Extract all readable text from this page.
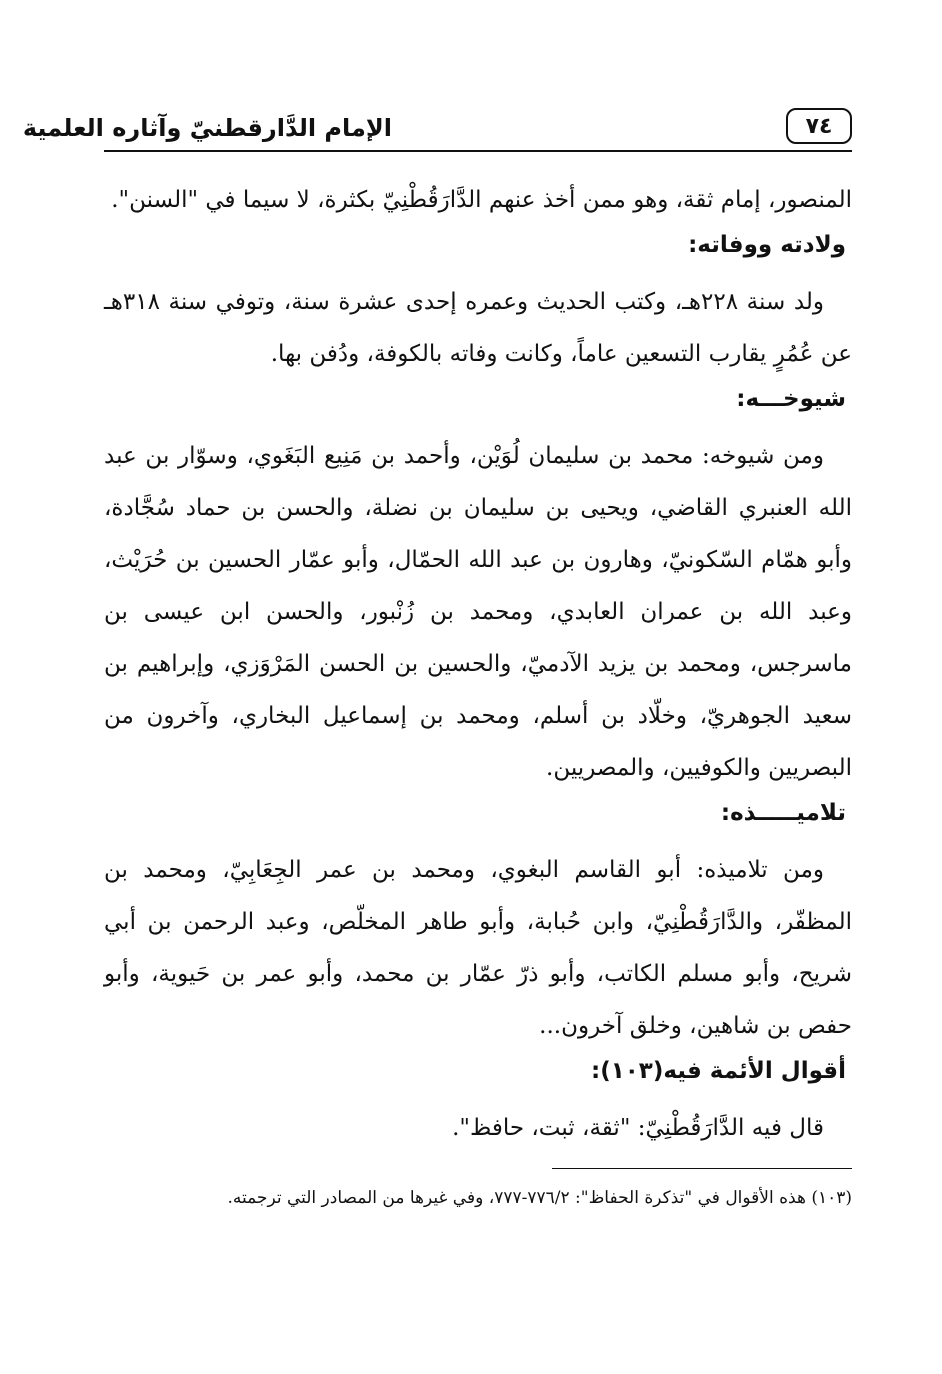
٧٤
الإمام الدَّارقطنيّ وآثاره العلمية

المنصور، إمام ثقة، وهو ممن أخذ عنهم الدَّارَقُطْنِيّ بكثرة، لا سيما في "السنن".

ولادته ووفاته:

ولد سنة ٢٢٨هـ، وكتب الحديث وعمره إحدى عشرة سنة، وتوفي سنة ٣١٨هـ عن عُمُرٍ يقارب التسعين عاماً، وكانت وفاته بالكوفة، ودُفن بها.

شيوخـــه:

ومن شيوخه: محمد بن سليمان لُوَيْن، وأحمد بن مَنِيع البَغَوي، وسوّار بن عبد الله العنبري القاضي، ويحيى بن سليمان بن نضلة، والحسن بن حماد سُجَّادة، وأبو همّام السّكونيّ، وهارون بن عبد الله الحمّال، وأبو عمّار الحسين بن حُرَيْث، وعبد الله بن عمران العابدي، ومحمد بن زُنْبور، والحسن ابن عيسى بن ماسرجس، ومحمد بن يزيد الآدميّ، والحسين بن الحسن المَرْوَزي، وإبراهيم بن سعيد الجوهريّ، وخلّاد بن أسلم، ومحمد بن إسماعيل البخاري، وآخرون من البصريين والكوفيين، والمصريين.

تلاميـــــذه:

ومن تلاميذه: أبو القاسم البغوي، ومحمد بن عمر الجِعَابِيّ، ومحمد بن المظفّر، والدَّارَقُطْنِيّ، وابن حُبابة، وأبو طاهر المخلّص، وعبد الرحمن بن أبي شريح، وأبو مسلم الكاتب، وأبو ذرّ عمّار بن محمد، وأبو عمر بن حَيوية، وأبو حفص بن شاهين، وخلق آخرون...

أقوال الأئمة فيه(١٠٣):

قال فيه الدَّارَقُطْنِيّ: "ثقة، ثبت، حافظ".

(١٠٣) هذه الأقوال في "تذكرة الحفاظ": ٧٧٦/٢-٧٧٧، وفي غيرها من المصادر التي ترجمته.
